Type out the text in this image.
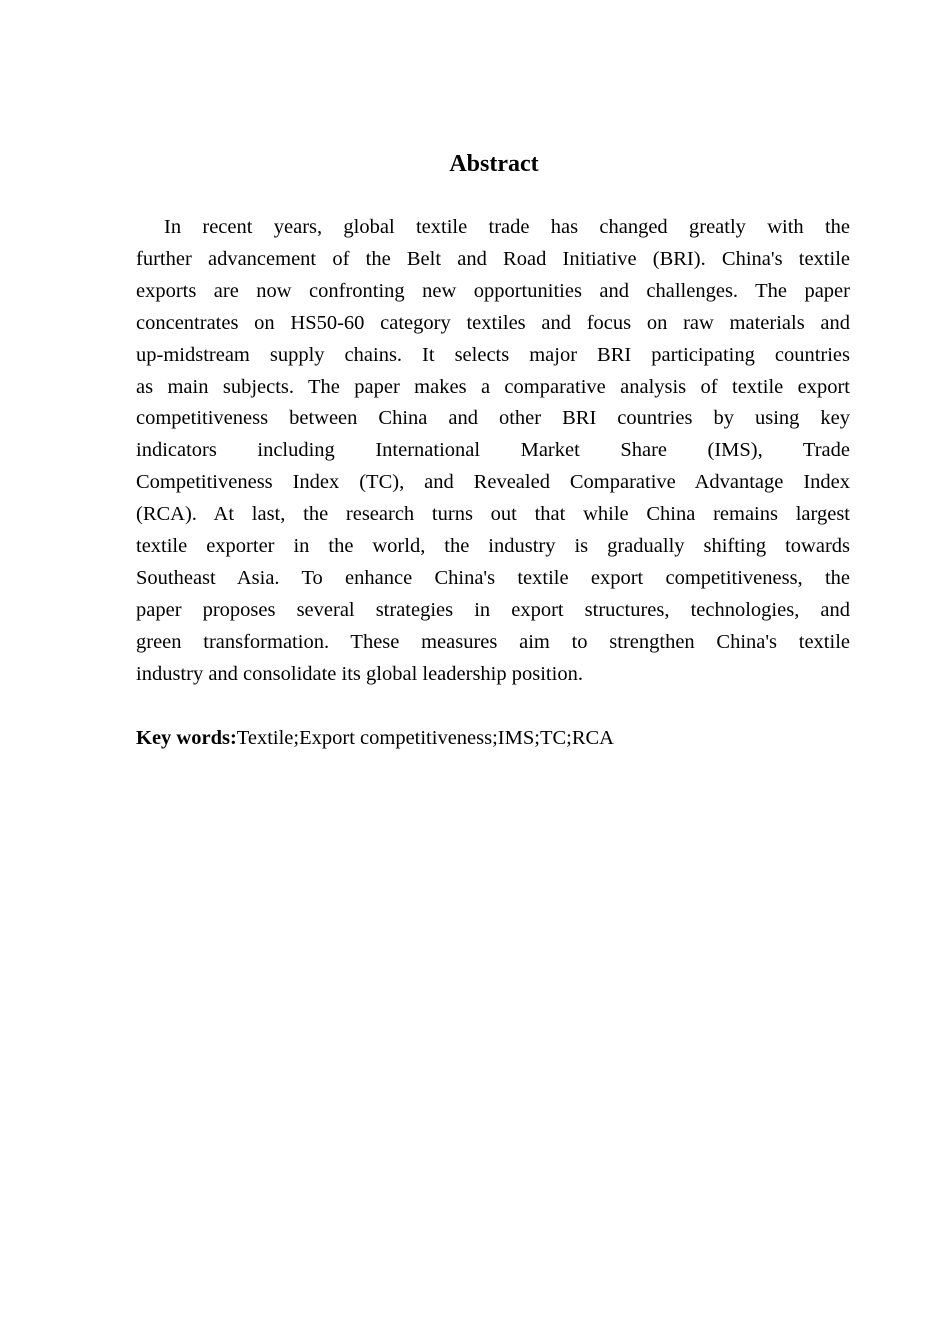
Abstract
In recent years, global textile trade has changed greatly with the
further advancement of the Belt and Road Initiative (BRI). China's textile
exports are now confronting new opportunities and challenges. The paper
concentrates on HS50-60 category textiles and focus on raw materials and
up-midstream supply chains. It selects major BRI participating countries
as main subjects. The paper makes a comparative analysis of textile export
competitiveness between China and other BRI countries by using key
indicators including International Market Share (IMS), Trade
Competitiveness Index (TC), and Revealed Comparative Advantage Index
(RCA). At last, the research turns out that while China remains largest
textile exporter in the world, the industry is gradually shifting towards
Southeast Asia. To enhance China's textile export competitiveness, the
paper proposes several strategies in export structures, technologies, and
green transformation. These measures aim to strengthen China's textile
industry and consolidate its global leadership position.
Key words:Textile;Export competitiveness;IMS;TC;RCA
